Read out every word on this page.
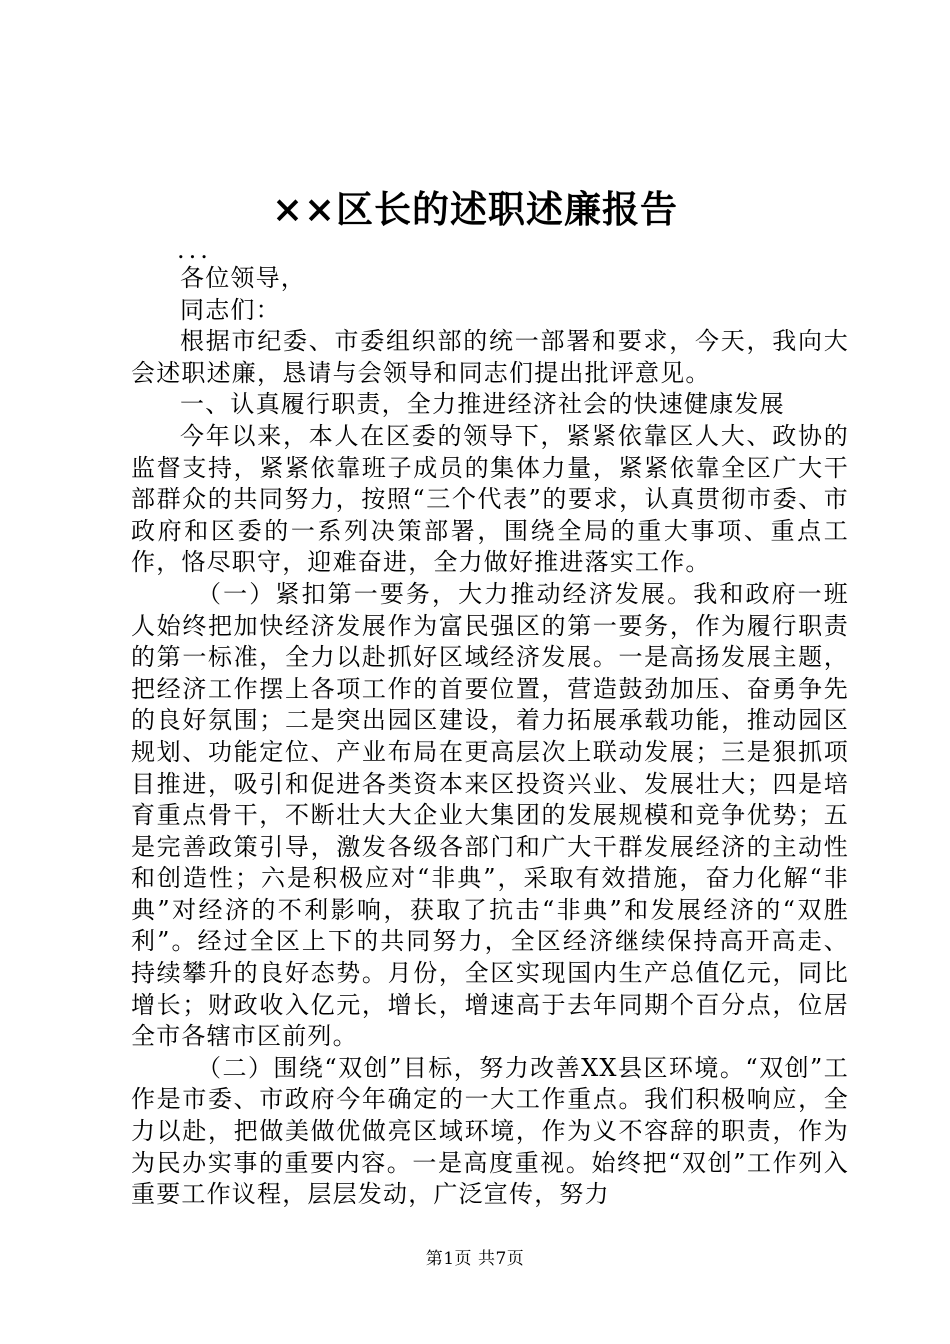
××区长的述职述廉报告

...

各位领导，

同志们：

根据市纪委、市委组织部的统一部署和要求，今天，我向大会述职述廉，恳请与会领导和同志们提出批评意见。

一、认真履行职责，全力推进经济社会的快速健康发展

今年以来，本人在区委的领导下，紧紧依靠区人大、政协的监督支持，紧紧依靠班子成员的集体力量，紧紧依靠全区广大干部群众的共同努力，按照“三个代表”的要求，认真贯彻市委、市政府和区委的一系列决策部署，围绕全局的重大事项、重点工作，恪尽职守，迎难奋进，全力做好推进落实工作。

（一）紧扣第一要务，大力推动经济发展。我和政府一班人始终把加快经济发展作为富民强区的第一要务，作为履行职责的第一标准，全力以赴抓好区域经济发展。一是高扬发展主题，把经济工作摆上各项工作的首要位置，营造鼓劲加压、奋勇争先的良好氛围；二是突出园区建设，着力拓展承载功能，推动园区规划、功能定位、产业布局在更高层次上联动发展；三是狠抓项目推进，吸引和促进各类资本来区投资兴业、发展壮大；四是培育重点骨干，不断壮大大企业大集团的发展规模和竞争优势；五是完善政策引导，激发各级各部门和广大干群发展经济的主动性和创造性；六是积极应对“非典”，采取有效措施，奋力化解“非典”对经济的不利影响，获取了抗击“非典”和发展经济的“双胜利”。经过全区上下的共同努力，全区经济继续保持高开高走、持续攀升的良好态势。月份，全区实现国内生产总值亿元，同比增长；财政收入亿元，增长，增速高于去年同期个百分点，位居全市各辖市区前列。

（二）围绕“双创”目标，努力改善XX县区环境。“双创”工作是市委、市政府今年确定的一大工作重点。我们积极响应，全力以赴，把做美做优做亮区域环境，作为义不容辞的职责，作为为民办实事的重要内容。一是高度重视。始终把“双创”工作列入重要工作议程，层层发动，广泛宣传，努力

第1页 共7页
